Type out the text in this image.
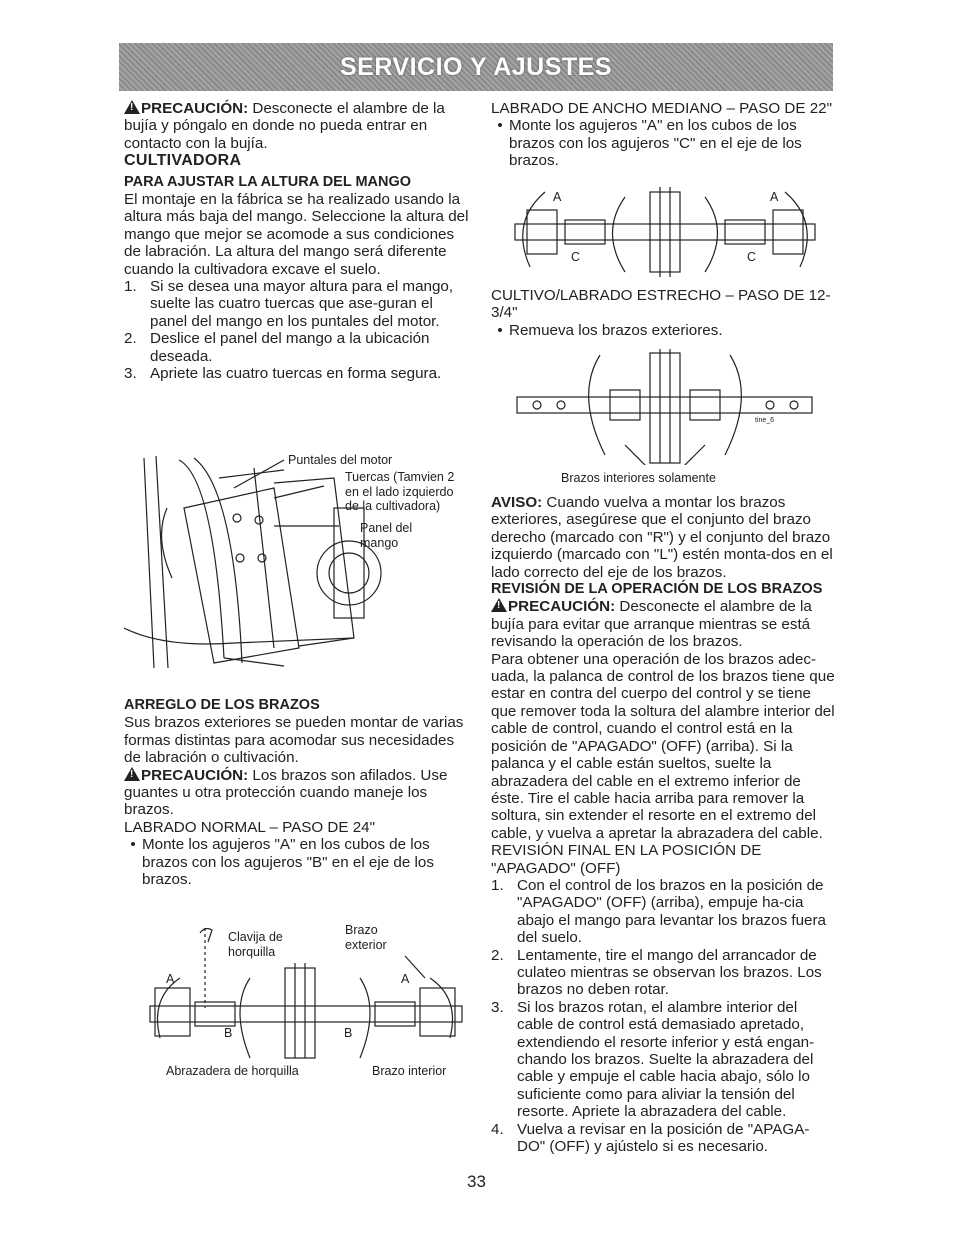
SERVICIO Y AJUSTES
!PRECAUCIÓN: Desconecte el alambre de la bujía y póngalo en donde no pueda entrar en contacto con la bujía.
CULTIVADORA
PARA AJUSTAR LA ALTURA DEL MANGO
El montaje en la fábrica se ha realizado usando la altura más baja del mango. Seleccione la altura del mango que mejor se acomode a sus condiciones de labración. La altura del mango será diferente cuando la cultivadora excave el suelo.
1. Si se desea una mayor altura para el mango, suelte las cuatro tuercas que ase-guran el panel del mango en los puntales del motor.
2. Deslice el panel del mango a la ubicación deseada.
3. Apriete las cuatro tuercas en forma segura.
Puntales del motor
Tuercas (Tamvien 2
en el lado izquierdo
de la cultivadora)
Panel del
mango
ARREGLO DE LOS BRAZOS
Sus brazos exteriores se pueden montar de varias formas distintas para acomodar sus necesidades de labración o cultivación.
!PRECAUCIÓN: Los brazos son afilados. Use guantes u otra protección cuando maneje los brazos.
LABRADO NORMAL – PASO DE 24"
• Monte los agujeros "A" en los cubos de los brazos con los agujeros "B" en el eje de los brazos.
Clavija de
horquilla
Brazo
exterior
A	A
B	B
Abrazadera de horquilla	Brazo interior
LABRADO DE ANCHO MEDIANO – PASO DE 22"
• Monte los agujeros "A" en los cubos de los brazos con los agujeros "C" en el eje de los brazos.
A	A
C	C
CULTIVO/LABRADO ESTRECHO – PASO DE 12-3/4"
• Remueva los brazos exteriores.
tine_6
Brazos interiores solamente
AVISO: Cuando vuelva a montar los brazos exteriores, asegúrese que el conjunto del brazo derecho (marcado con "R") y el conjunto del brazo izquierdo (marcado con "L") estén monta-dos en el lado correcto del eje de los brazos.
REVISIÓN DE LA OPERACIÓN DE LOS BRAZOS
!PRECAUCIÓN: Desconecte el alambre de la bujía para evitar que arranque mientras se está revisando la operación de los brazos.
Para obtener una operación de los brazos adec-uada, la palanca de control de los brazos tiene que estar en contra del cuerpo del control y se tiene que remover toda la soltura del alambre interior del cable de control, cuando el control está en la posición de "APAGADO" (OFF) (arriba). Si la palanca y el cable están sueltos, suelte la abrazadera del cable en el extremo inferior de éste. Tire el cable hacia arriba para remover la soltura, sin extender el resorte en el extremo del cable, y vuelva a apretar la abrazadera del cable.
REVISIÓN FINAL EN LA POSICIÓN DE "APAGADO" (OFF)
1. Con el control de los brazos en la posición de "APAGADO" (OFF) (arriba), empuje ha-cia abajo el mango para levantar los brazos fuera del suelo.
2. Lentamente, tire el mango del arrancador de culateo mientras se observan los brazos. Los brazos no deben rotar.
3. Si los brazos rotan, el alambre interior del cable de control está demasiado apretado, extendiendo el resorte inferior y está engan-chando los brazos. Suelte la abrazadera del cable y empuje el cable hacia abajo, sólo lo suficiente como para aliviar la tensión del resorte. Apriete la abrazadera del cable.
4. Vuelva a revisar en la posición de "APAGA-DO" (OFF) y ajústelo si es necesario.
33
